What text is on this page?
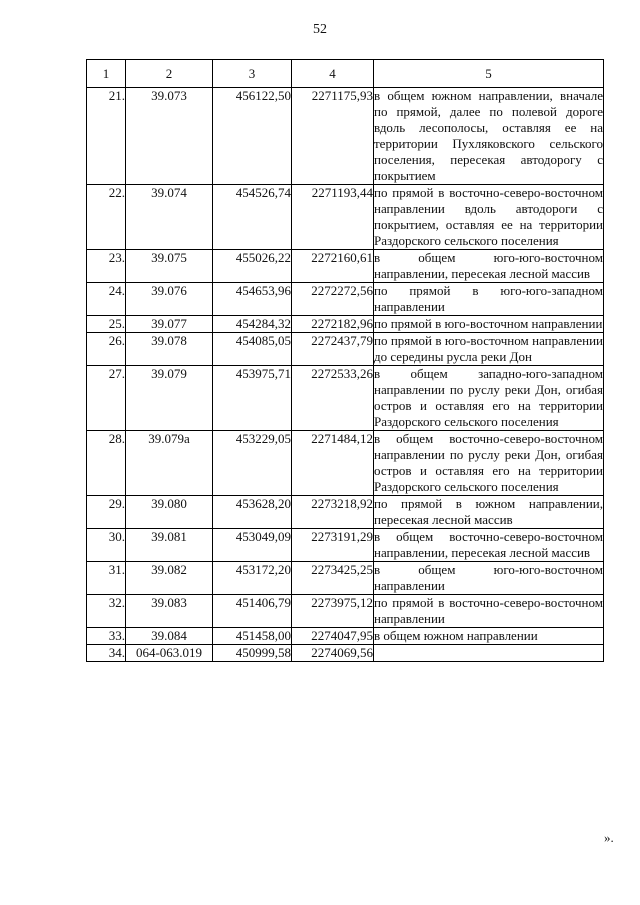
52
1	2	3	4	5
21.	39.073	456122,50	2271175,93	в общем южном направлении, вначале по прямой, далее по полевой дороге вдоль лесополосы, оставляя ее на территории Пухляковского сельского поселения, пересекая автодорогу с покрытием
22.	39.074	454526,74	2271193,44	по прямой в восточно-северо-восточном направлении вдоль автодороги с покрытием, оставляя ее на территории Раздорского сельского поселения
23.	39.075	455026,22	2272160,61	в общем юго-юго-восточном направлении, пересекая лесной массив
24.	39.076	454653,96	2272272,56	по прямой в юго-юго-западном направлении
25.	39.077	454284,32	2272182,96	по прямой в юго-восточном направлении
26.	39.078	454085,05	2272437,79	по прямой в юго-восточном направлении до середины русла реки Дон
27.	39.079	453975,71	2272533,26	в общем западно-юго-западном направлении по руслу реки Дон, огибая остров и оставляя его на территории Раздорского сельского поселения
28.	39.079а	453229,05	2271484,12	в общем восточно-северо-восточном направлении по руслу реки Дон, огибая остров и оставляя его на территории Раздорского сельского поселения
29.	39.080	453628,20	2273218,92	по прямой в южном направлении, пересекая лесной массив
30.	39.081	453049,09	2273191,29	в общем восточно-северо-восточном направлении, пересекая лесной массив
31.	39.082	453172,20	2273425,25	в общем юго-юго-восточном направлении
32.	39.083	451406,79	2273975,12	по прямой в восточно-северо-восточном направлении
33.	39.084	451458,00	2274047,95	в общем южном направлении
34.	064-063.019	450999,58	2274069,56	
».
